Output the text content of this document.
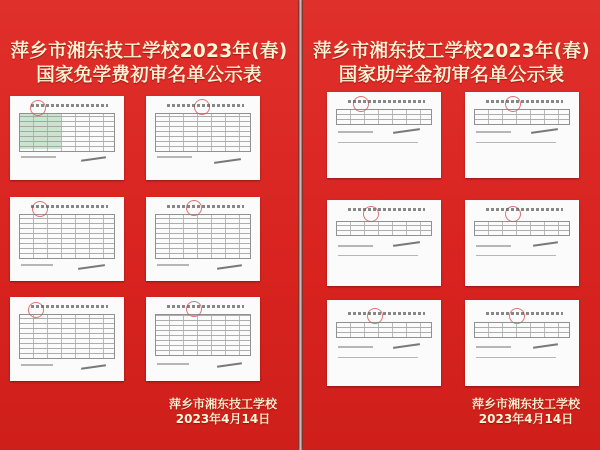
萍乡市湘东技工学校2023年(春)
国家免学费初审名单公示表
萍乡市湘东技工学校
2023年4月14日
萍乡市湘东技工学校2023年(春)
国家助学金初审名单公示表
萍乡市湘东技工学校
2023年4月14日
